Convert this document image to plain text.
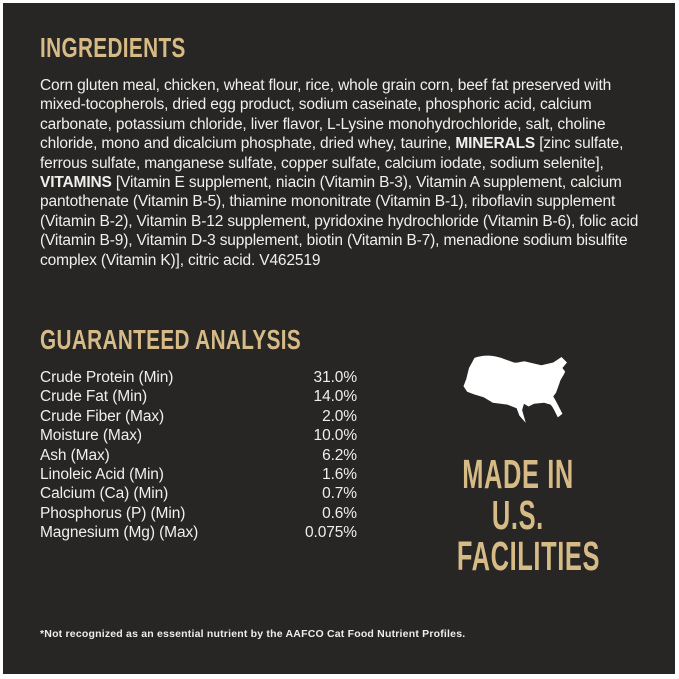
INGREDIENTS

Corn gluten meal, chicken, wheat flour, rice, whole grain corn, beef fat preserved with mixed-tocopherols, dried egg product, sodium caseinate, phosphoric acid, calcium carbonate, potassium chloride, liver flavor, L-Lysine monohydrochloride, salt, choline chloride, mono and dicalcium phosphate, dried whey, taurine, MINERALS [zinc sulfate, ferrous sulfate, manganese sulfate, copper sulfate, calcium iodate, sodium selenite], VITAMINS [Vitamin E supplement, niacin (Vitamin B-3), Vitamin A supplement, calcium pantothenate (Vitamin B-5), thiamine mononitrate (Vitamin B-1), riboflavin supplement (Vitamin B-2), Vitamin B-12 supplement, pyridoxine hydrochloride (Vitamin B-6), folic acid (Vitamin B-9), Vitamin D-3 supplement, biotin (Vitamin B-7), menadione sodium bisulfite complex (Vitamin K)], citric acid. V462519

GUARANTEED ANALYSIS
Crude Protein (Min)	31.0%
Crude Fat (Min)	14.0%
Crude Fiber (Max)	2.0%
Moisture (Max)	10.0%
Ash (Max)	6.2%
Linoleic Acid (Min)	1.6%
Calcium (Ca) (Min)	0.7%
Phosphorus (P) (Min)	0.6%
Magnesium (Mg) (Max)	0.075%
MADE IN
U.S.
FACILITIES
*Not recognized as an essential nutrient by the AAFCO Cat Food Nutrient Profiles.
